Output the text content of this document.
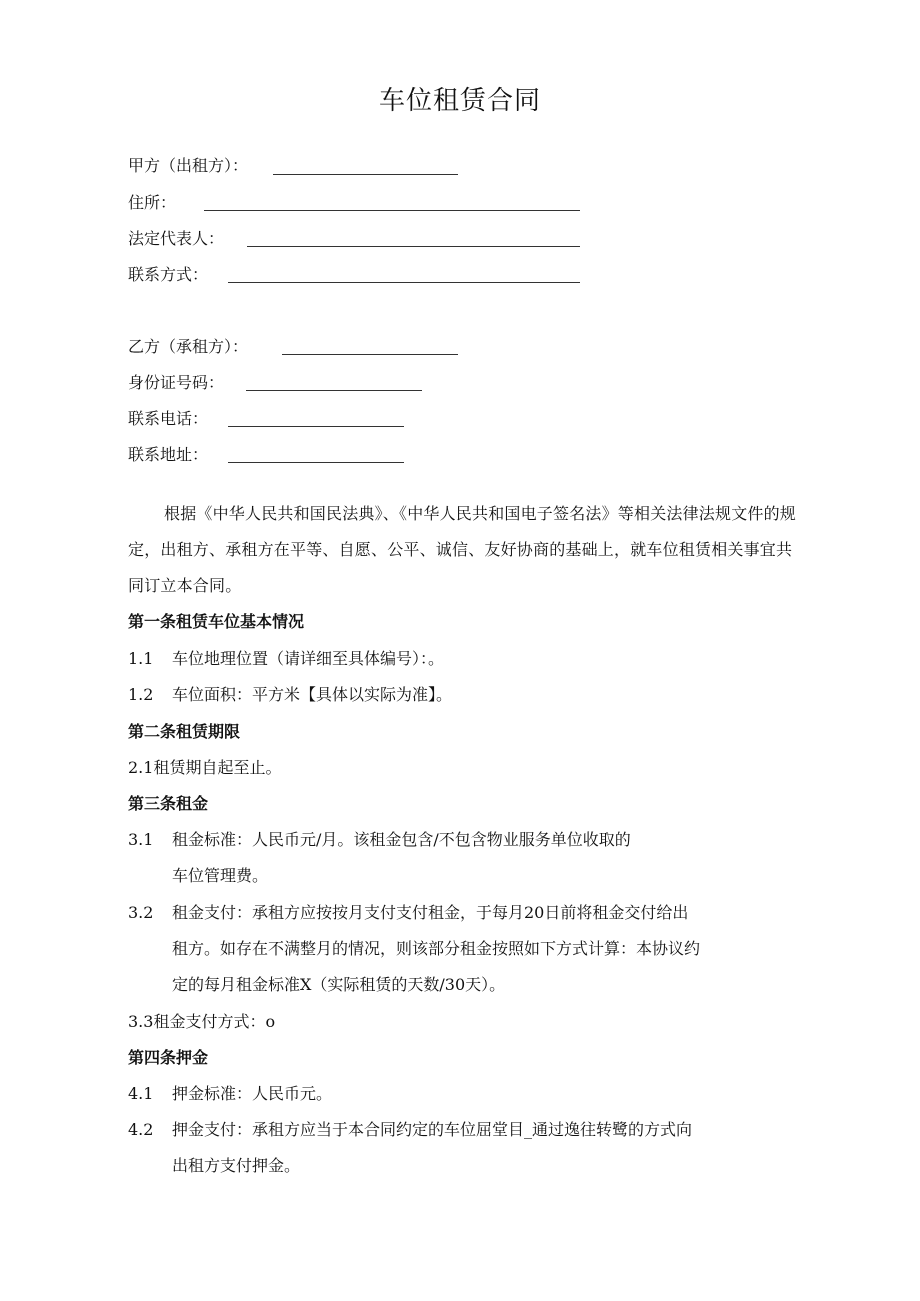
车位租赁合同
甲方（出租方）：
住所：
法定代表人：
联系方式：
乙方（承租方）：
身份证号码：
联系电话：
联系地址：
根据《中华人民共和国民法典》、《中华人民共和国电子签名法》等相关法律法规文件的规定，出租方、承租方在平等、自愿、公平、诚信、友好协商的基础上，就车位租赁相关事宜共同订立本合同。
第一条租赁车位基本情况
1.1 车位地理位置（请详细至具体编号）：。
1.2 车位面积：平方米【具体以实际为准】。
第二条租赁期限
2.1租赁期自起至止。
第三条租金
3.1 租金标准：人民币元/月。该租金包含/不包含物业服务单位收取的
车位管理费。
3.2 租金支付：承租方应按按月支付支付租金，于每月20日前将租金交付给出
租方。如存在不满整月的情况，则该部分租金按照如下方式计算：本协议约
定的每月租金标准X（实际租赁的天数/30天）。
3.3租金支付方式：o
第四条押金
4.1 押金标准：人民币元。
4.2 押金支付：承租方应当于本合同约定的车位屈堂目_通过逸往转鹭的方式向
出租方支付押金。
